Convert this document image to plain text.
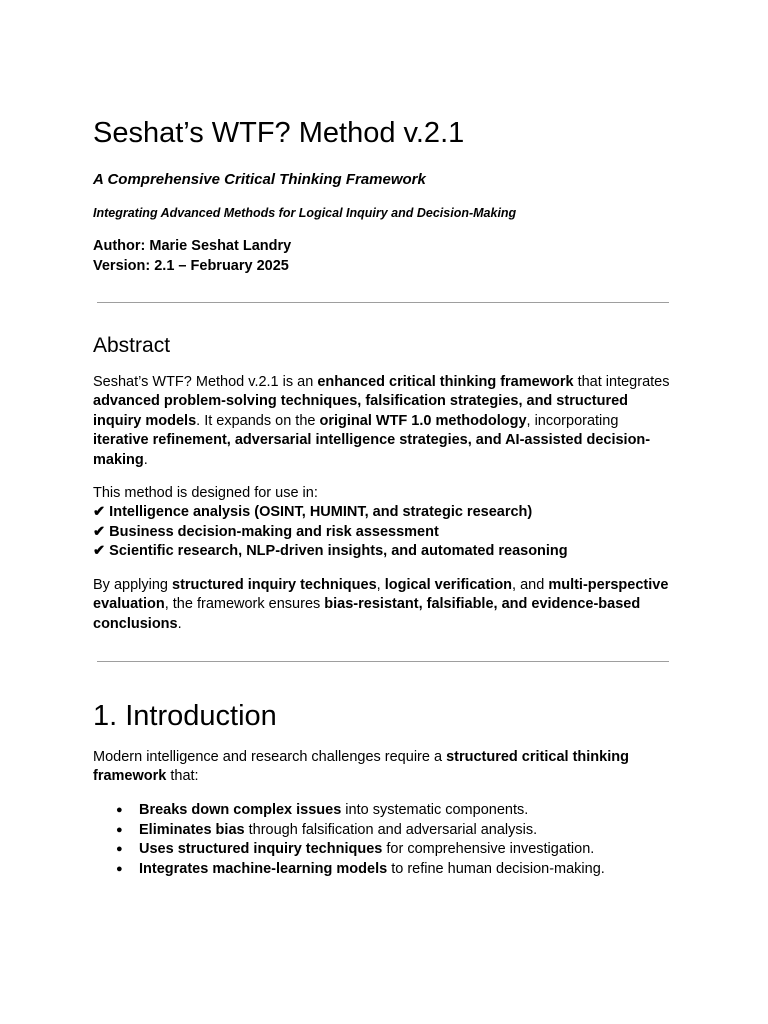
Seshat’s WTF? Method v.2.1

A Comprehensive Critical Thinking Framework

Integrating Advanced Methods for Logical Inquiry and Decision-Making

Author: Marie Seshat Landry
Version: 2.1 – February 2025
Abstract

Seshat’s WTF? Method v.2.1 is an enhanced critical thinking framework that integrates advanced problem-solving techniques, falsification strategies, and structured inquiry models. It expands on the original WTF 1.0 methodology, incorporating iterative refinement, adversarial intelligence strategies, and AI-assisted decision-making.

This method is designed for use in:
✔ Intelligence analysis (OSINT, HUMINT, and strategic research)
✔ Business decision-making and risk assessment
✔ Scientific research, NLP-driven insights, and automated reasoning

By applying structured inquiry techniques, logical verification, and multi-perspective evaluation, the framework ensures bias-resistant, falsifiable, and evidence-based conclusions.

1. Introduction

Modern intelligence and research challenges require a structured critical thinking framework that:

● Breaks down complex issues into systematic components.
● Eliminates bias through falsification and adversarial analysis.
● Uses structured inquiry techniques for comprehensive investigation.
● Integrates machine-learning models to refine human decision-making.
